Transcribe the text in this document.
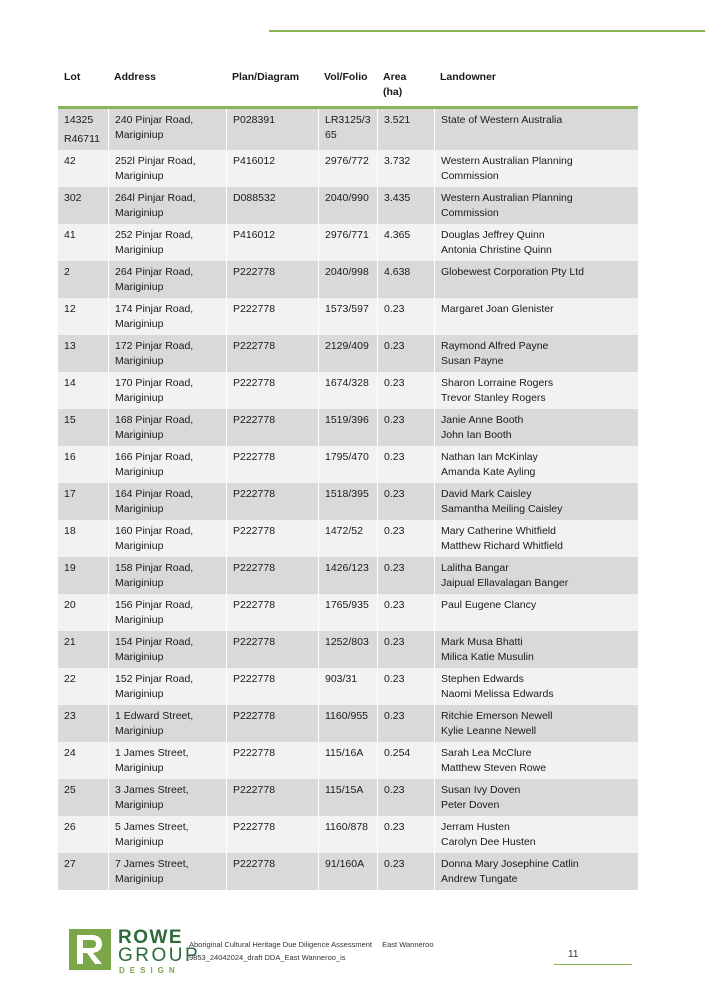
Lot	Address	Plan/Diagram	Vol/Folio	Area
(ha)	Landowner

14325
R46711	240 Pinjar Road,
Mariginiup	P028391	LR3125/365	3.521	State of Western Australia

42	252l Pinjar Road,
Mariginiup	P416012	2976/772	3.732	Western Australian Planning
Commission

302	264l Pinjar Road,
Mariginiup	D088532	2040/990	3.435	Western Australian Planning
Commission

41	252 Pinjar Road,
Mariginiup	P416012	2976/771	4.365	Douglas Jeffrey Quinn
Antonia Christine Quinn

2	264 Pinjar Road,
Mariginiup	P222778	2040/998	4.638	Globewest Corporation Pty Ltd

12	174 Pinjar Road,
Mariginiup	P222778	1573/597	0.23	Margaret Joan Glenister

13	172 Pinjar Road,
Mariginiup	P222778	2129/409	0.23	Raymond Alfred Payne
Susan Payne

14	170 Pinjar Road,
Mariginiup	P222778	1674/328	0.23	Sharon Lorraine Rogers
Trevor Stanley Rogers

15	168 Pinjar Road,
Mariginiup	P222778	1519/396	0.23	Janie Anne Booth
John Ian Booth

16	166 Pinjar Road,
Mariginiup	P222778	1795/470	0.23	Nathan Ian McKinlay
Amanda Kate Ayling

17	164 Pinjar Road,
Mariginiup	P222778	1518/395	0.23	David Mark Caisley
Samantha Meiling Caisley

18	160 Pinjar Road,
Mariginiup	P222778	1472/52	0.23	Mary Catherine Whitfield
Matthew Richard Whitfield

19	158 Pinjar Road,
Mariginiup	P222778	1426/123	0.23	Lalitha Bangar
Jaipual Ellavalagan Banger

20	156 Pinjar Road,
Mariginiup	P222778	1765/935	0.23	Paul Eugene Clancy

21	154 Pinjar Road,
Mariginiup	P222778	1252/803	0.23	Mark Musa Bhatti
Milica Katie Musulin

22	152 Pinjar Road,
Mariginiup	P222778	903/31	0.23	Stephen Edwards
Naomi Melissa Edwards

23	1 Edward Street,
Mariginiup	P222778	1160/955	0.23	Ritchie Emerson Newell
Kylie Leanne Newell

24	1 James Street,
Mariginiup	P222778	115/16A	0.254	Sarah Lea McClure
Matthew Steven Rowe

25	3 James Street,
Mariginiup	P222778	115/15A	0.23	Susan Ivy Doven
Peter Doven

26	5 James Street,
Mariginiup	P222778	1160/878	0.23	Jerram Husten
Carolyn Dee Husten

27	7 James Street,
Mariginiup	P222778	91/160A	0.23	Donna Mary Josephine Catlin
Andrew Tungate
ROWE
GROUP
DESIGN
Aboriginal Cultural Heritage Due Diligence Assessment East Wanneroo
9853_24042024_draft DDA_East Wanneroo_is	11
